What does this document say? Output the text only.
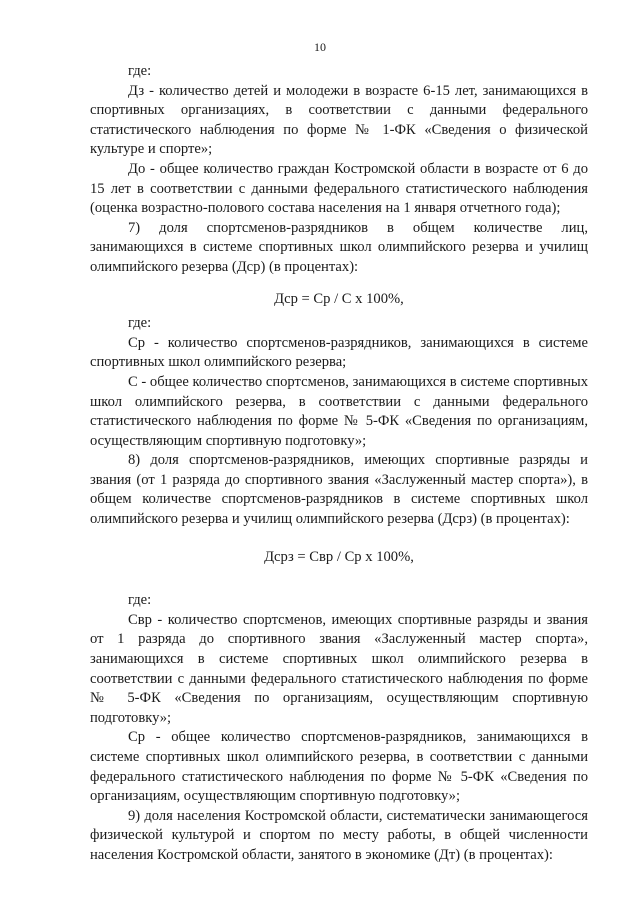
10

где:

Дз - количество детей и молодежи в возрасте 6-15 лет, занимающихся в спортивных организациях, в соответствии с данными федерального статистического наблюдения по форме № 1-ФК «Сведения о физической культуре и спорте»;

До - общее количество граждан Костромской области в возрасте от 6 до 15 лет в соответствии с данными федерального статистического наблюдения (оценка возрастно-полового состава населения на 1 января отчетного года);

7) доля спортсменов-разрядников в общем количестве лиц, занимающихся в системе спортивных школ олимпийского резерва и училищ олимпийского резерва (Дср) (в процентах):

Дср = Ср / С х 100%,

где:

Ср - количество спортсменов-разрядников, занимающихся в системе спортивных школ олимпийского резерва;

С - общее количество спортсменов, занимающихся в системе спортивных школ олимпийского резерва, в соответствии с данными федерального статистического наблюдения по форме № 5-ФК «Сведения по организациям, осуществляющим спортивную подготовку»;

8) доля спортсменов-разрядников, имеющих спортивные разряды и звания (от 1 разряда до спортивного звания «Заслуженный мастер спорта»), в общем количестве спортсменов-разрядников в системе спортивных школ олимпийского резерва и училищ олимпийского резерва (Дсрз) (в процентах):

Дсрз = Свр / Ср х 100%,

где:

Свр - количество спортсменов, имеющих спортивные разряды и звания от 1 разряда до спортивного звания «Заслуженный мастер спорта», занимающихся в системе спортивных школ олимпийского резерва в соответствии с данными федерального статистического наблюдения по форме № 5-ФК «Сведения по организациям, осуществляющим спортивную подготовку»;

Ср - общее количество спортсменов-разрядников, занимающихся в системе спортивных школ олимпийского резерва, в соответствии с данными федерального статистического наблюдения по форме № 5-ФК «Сведения по организациям, осуществляющим спортивную подготовку»;

9) доля населения Костромской области, систематически занимающегося физической культурой и спортом по месту работы, в общей численности населения Костромской области, занятого в экономике (Дт) (в процентах):
